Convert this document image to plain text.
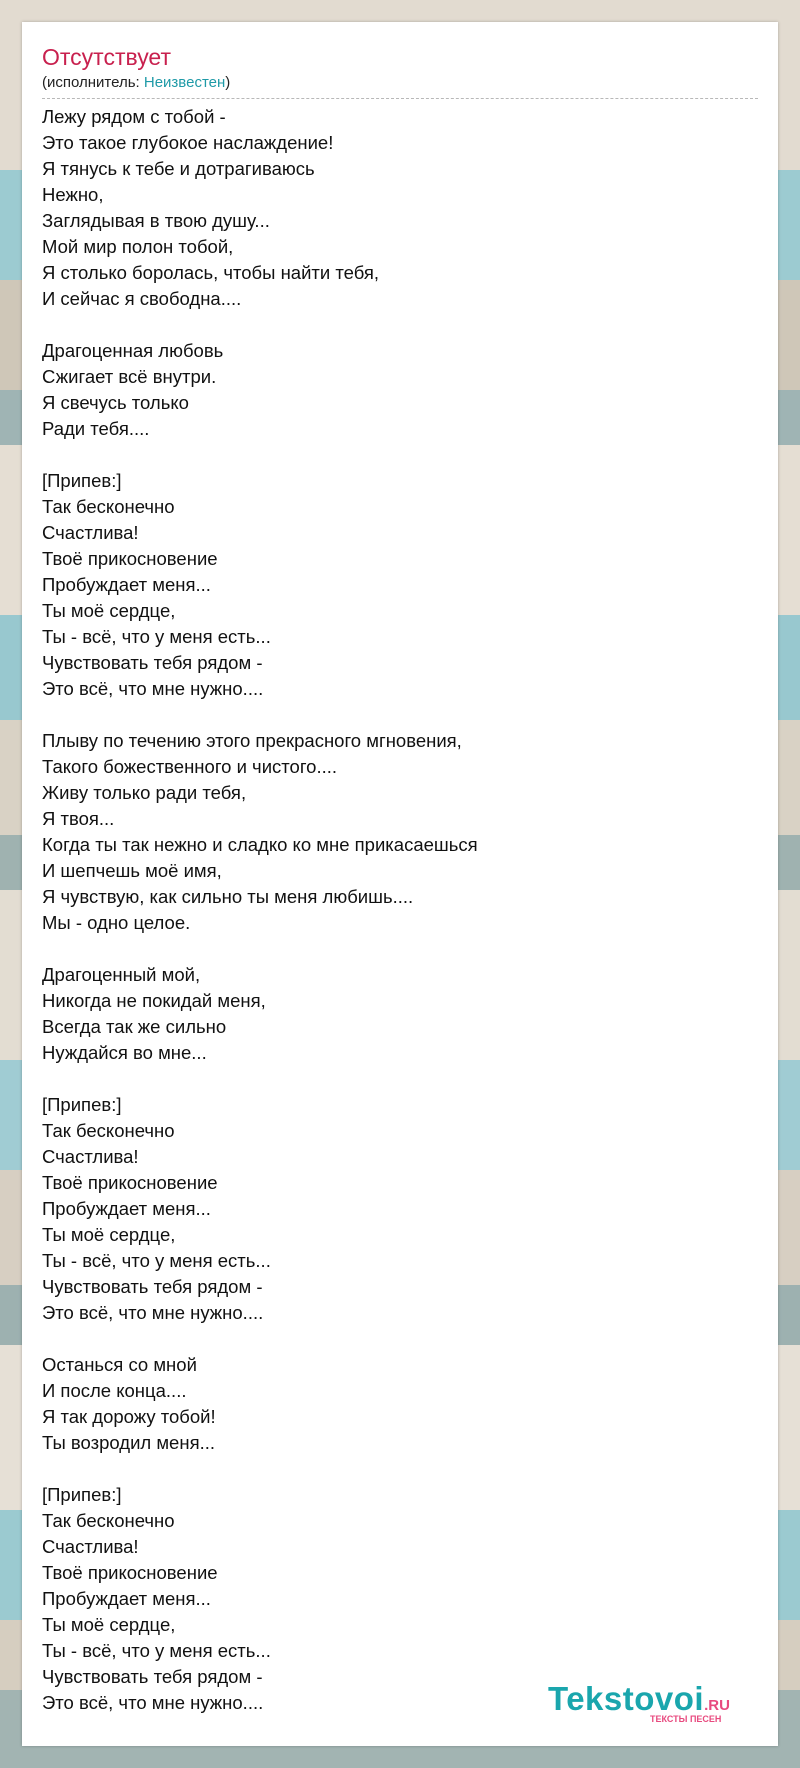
Отсутствует
(исполнитель: Неизвестен)
Лежу рядом с тобой -
Это такое глубокое наслаждение!
Я тянусь к тебе и дотрагиваюсь
Нежно,
Заглядывая в твою душу...
Мой мир полон тобой,
Я столько боролась, чтобы найти тебя,
И сейчас я свободна....
Драгоценная любовь
Сжигает всё внутри.
Я свечусь только
Ради тебя....
[Припев:]
Так бесконечно
Счастлива!
Твоё прикосновение
Пробуждает меня...
Ты моё сердце,
Ты - всё, что у меня есть...
Чувствовать тебя рядом -
Это всё, что мне нужно....
Плыву по течению этого прекрасного мгновения,
Такого божественного и чистого....
Живу только ради тебя,
Я твоя...
Когда ты так нежно и сладко ко мне прикасаешься
И шепчешь моё имя,
Я чувствую, как сильно ты меня любишь....
Мы - одно целое.
Драгоценный мой,
Никогда не покидай меня,
Всегда так же сильно
Нуждайся во мне...
[Припев:]
Так бесконечно
Счастлива!
Твоё прикосновение
Пробуждает меня...
Ты моё сердце,
Ты - всё, что у меня есть...
Чувствовать тебя рядом -
Это всё, что мне нужно....
Останься со мной
И после конца....
Я так дорожу тобой!
Ты возродил меня...
[Припев:]
Так бесконечно
Счастлива!
Твоё прикосновение
Пробуждает меня...
Ты моё сердце,
Ты - всё, что у меня есть...
Чувствовать тебя рядом -
Это всё, что мне нужно....	Tekstovoi.RU
ТЕКСТЫ ПЕСЕН
